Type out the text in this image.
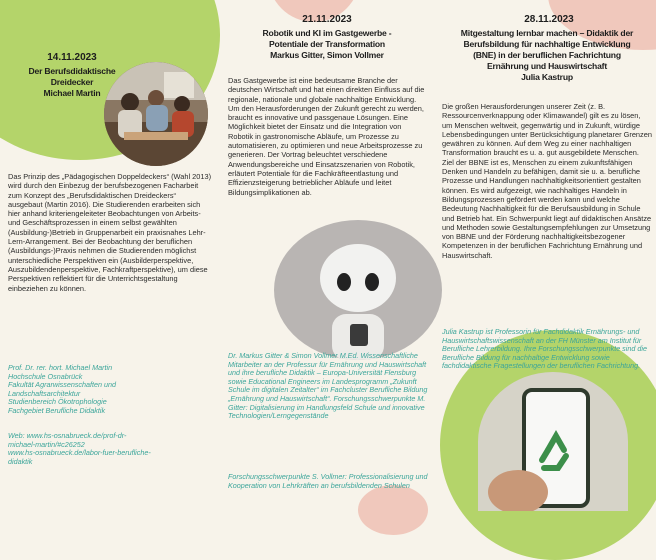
14.11.2023
Der Berufsdidaktische
Dreidecker
Michael Martin
Das Prinzip des „Pädagogischen Doppeldeckers“ (Wahl 2013) wird durch den Einbezug der berufsbezogenen Facharbeit zum Konzept des „Berufsdidaktischen Dreideckers“ ausgebaut (Martin 2016). Die Studierenden erarbeiten sich hier anhand kriteriengeleiteter Beobachtungen von Arbeits- und Geschäftsprozessen in einem selbst gewählten (Ausbildung-)Betrieb in Gruppenarbeit ein praxisnahes Lehr-Lern-Arrangement. Bei der Beobachtung der beruflichen (Ausbildungs-)Praxis nehmen die Studierenden möglichst unterschiedliche Perspektiven ein (Ausbilderperspektive, Auszubildendenperspektive, Fachkraftperspektive), um diese Perspektiven reflektiert für die Unterrichtsgestaltung einbeziehen zu können.

Prof. Dr. rer. hort. Michael Martin

Hochschule Osnabrück

Fakultät Agrarwissenschaften und

Landschaftsarchitektur

Studienbereich Ökotrophologie

Fachgebiet Berufliche Didaktik

Web: www.hs-osnabrueck.de/prof-dr-

michael-martin/#c26252

www.hs-osnabrueck.de/labor-fuer-berufliche-

didaktik

21.11.2023
Robotik und KI im Gastgewerbe -
Potentiale der Transformation
Markus Gitter, Simon Vollmer
Das Gastgewerbe ist eine bedeutsame Branche der deutschen Wirtschaft und hat einen direkten Einfluss auf die regionale, nationale und globale nachhaltige Entwicklung. Um den Herausforderungen der Zukunft gerecht zu werden, braucht es innovative und passgenaue Lösungen. Eine Möglichkeit bietet der Einsatz und die Integration von Robotik in gastronomische Abläufe, um Prozesse zu automatisieren, zu optimieren und neue Arbeitsprozesse zu generieren. Der Vortrag beleuchtet verschiedene Anwendungsbereiche und Einsatzszenarien von Robotik, erläutert Potentiale für die Fachkräfteentlastung und Effizienzsteigerung betrieblicher Abläufe und leitet Bildungsimplikationen ab.
Dr. Markus Gitter & Simon Vollmer M.Ed. Wissenschaftliche Mitarbeiter an der Professur für Ernährung und Hauswirtschaft und ihre berufliche Didaktik – Europa-Universität Flensburg sowie Educational Engineers im Landesprogramm „Zukunft Schule im digitalen Zeitalter“ im Fachcluster Berufliche Bildung „Ernährung und Hauswirtschaft“. Forschungsschwerpunkte M. Gitter: Digitalisierung im Handlungsfeld Schule und innovative Technologien/Lerngegenstände
Forschungsschwerpunkte S. Vollmer: Professionalisierung und Kooperation von Lehrkräften an berufsbildenden Schulen
28.11.2023
Mitgestaltung lernbar machen – Didaktik der
Berufsbildung für nachhaltige Entwicklung
(BNE) in der beruflichen Fachrichtung
Ernährung und Hauswirtschaft
Julia Kastrup
Die großen Herausforderungen unserer Zeit (z. B. Ressourcenverknappung oder Klimawandel) gilt es zu lösen, um Menschen weltweit, gegenwärtig und in Zukunft, würdige Lebensbedingungen unter Berücksichtigung planetarer Grenzen gewähren zu können. Auf dem Weg zu einer nachhaltigen Transformation braucht es u. a. gut ausgebildete Menschen. Ziel der BBNE ist es, Menschen zu einem zukunftsfähigen Denken und Handeln zu befähigen, damit sie u. a. berufliche Prozesse und Handlungen nachhaltigkeitsorientiert gestalten können. Es wird aufgezeigt, wie nachhaltiges Handeln in Bildungsprozessen gefördert werden kann und welche Bedeutung Nachhaltigkeit für die Berufsausbildung in Schule und Betrieb hat. Ein Schwerpunkt liegt auf didaktischen Ansätze und Methoden sowie Gestaltungsempfehlungen zur Umsetzung von BBNE und der Förderung nachhaltigkeitsbezogener Kompetenzen in der beruflichen Fachrichtung Ernährung und Hauswirtschaft.
Julia Kastrup ist Professorin für Fachdidaktik Ernährungs- und Hauswirtschaftswissenschaft an der FH Münster am Institut für Berufliche Lehrerbildung. Ihre Forschungsschwerpunkte sind die Berufliche Bildung für nachhaltige Entwicklung sowie fachdidaktische Fragestellungen der beruflichen Fachrichtung.
